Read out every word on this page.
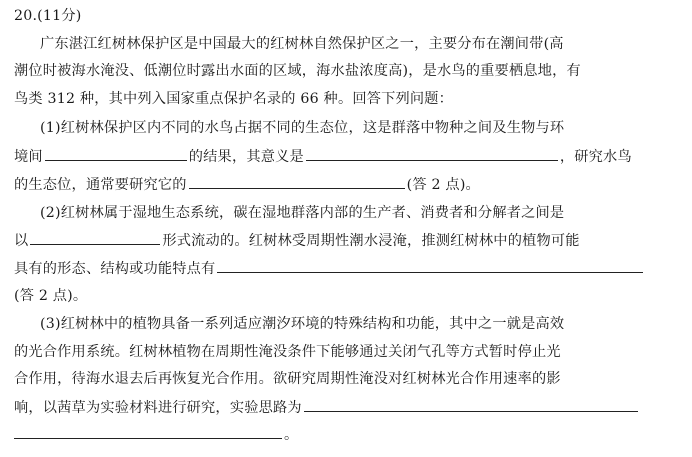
20.(11分)
广东湛江红树林保护区是中国最大的红树林自然保护区之一，主要分布在潮间带(高
潮位时被海水淹没、低潮位时露出水面的区域，海水盐浓度高)，是水鸟的重要栖息地，有
鸟类 312 种，其中列入国家重点保护名录的 66 种。回答下列问题：
(1)红树林保护区内不同的水鸟占据不同的生态位，这是群落中物种之间及生物与环
境间	的结果，其意义是	，研究水鸟
的生态位，通常要研究它的	(答 2 点)。
(2)红树林属于湿地生态系统，碳在湿地群落内部的生产者、消费者和分解者之间是
以	形式流动的。红树林受周期性潮水浸淹，推测红树林中的植物可能
具有的形态、结构或功能特点有
(答 2 点)。
(3)红树林中的植物具备一系列适应潮汐环境的特殊结构和功能，其中之一就是高效
的光合作用系统。红树林植物在周期性淹没条件下能够通过关闭气孔等方式暂时停止光
合作用，待海水退去后再恢复光合作用。欲研究周期性淹没对红树林光合作用速率的影
响，以茜草为实验材料进行研究，实验思路为
。
